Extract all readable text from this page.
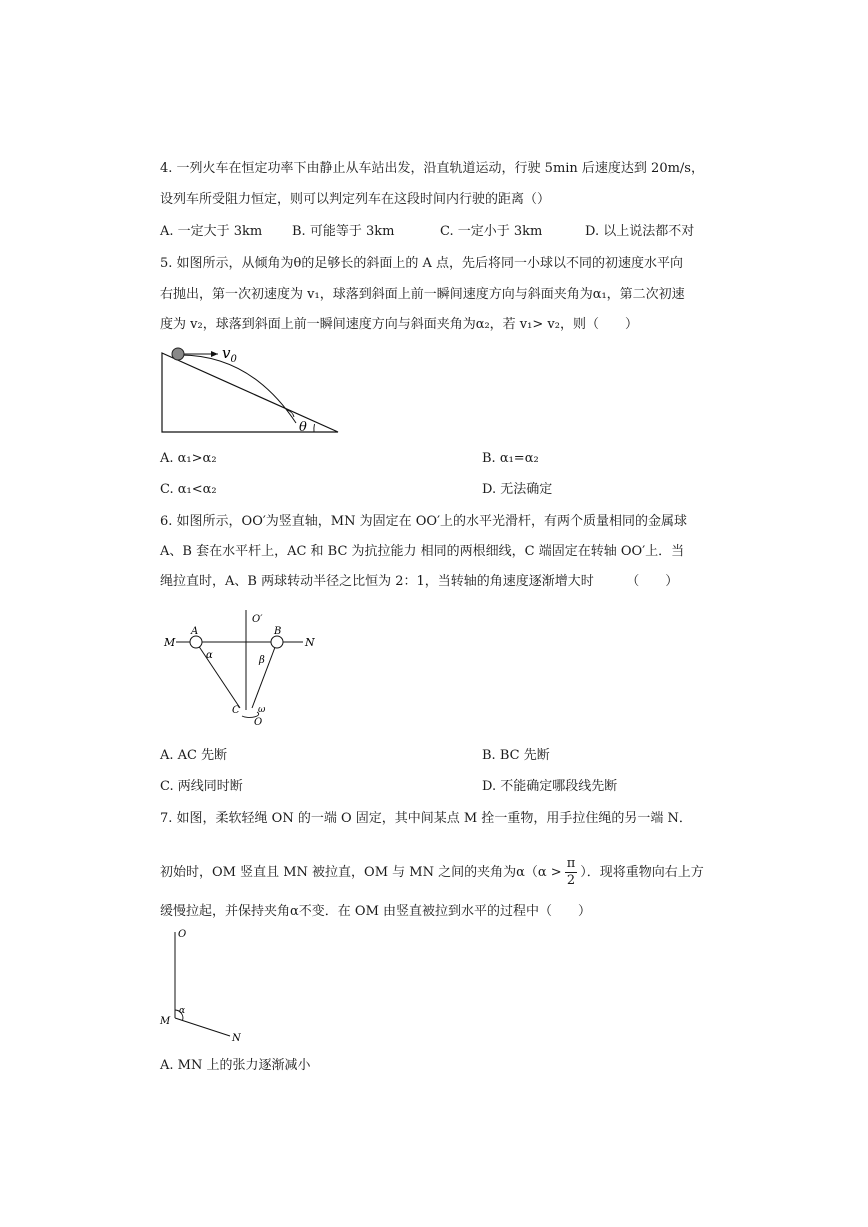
4. 一列火车在恒定功率下由静止从车站出发，沿直轨道运动，行驶 5min 后速度达到 20m/s，
设列车所受阻力恒定，则可以判定列车在这段时间内行驶的距离（）
A. 一定大于 3km B. 可能等于 3km	C. 一定小于 3km	D. 以上说法都不对
5. 如图所示，从倾角为θ的足够长的斜面上的 A 点，先后将同一小球以不同的初速度水平向
右抛出，第一次初速度为 v₁，球落到斜面上前一瞬间速度方向与斜面夹角为α₁，第二次初速
度为 v₂，球落到斜面上前一瞬间速度方向与斜面夹角为α₂，若 v₁> v₂，则（　　）
$v_0$
θ
A. α₁>α₂	B. α₁=α₂
C. α₁<α₂	D. 无法确定
6. 如图所示，OO′为竖直轴，MN 为固定在 OO′上的水平光滑杆，有两个质量相同的金属球
A、B 套在水平杆上，AC 和 BC 为抗拉能力 相同的两根细线，C 端固定在转轴 OO′上．当
绳拉直时，A、B 两球转动半径之比恒为 2：1，当转轴的角速度逐渐增大时　　　（　　）
O′
M	N
A	B
α	β
C ω
O
A. AC 先断	B. BC 先断
C. 两线同时断	D. 不能确定哪段线先断
7. 如图，柔软轻绳 ON 的一端 O 固定，其中间某点 M 拴一重物，用手拉住绳的另一端 N．
初始时，OM 竖直且 MN 被拉直，OM 与 MN 之间的夹角为$\alpha(\alpha > \frac{\pi}{2}$ ）．现将重物向右上方
缓慢拉起，并保持夹角α不变．在 OM 由竖直被拉到水平的过程中（　　）
O
M
N
α
A. MN 上的张力逐渐减小
